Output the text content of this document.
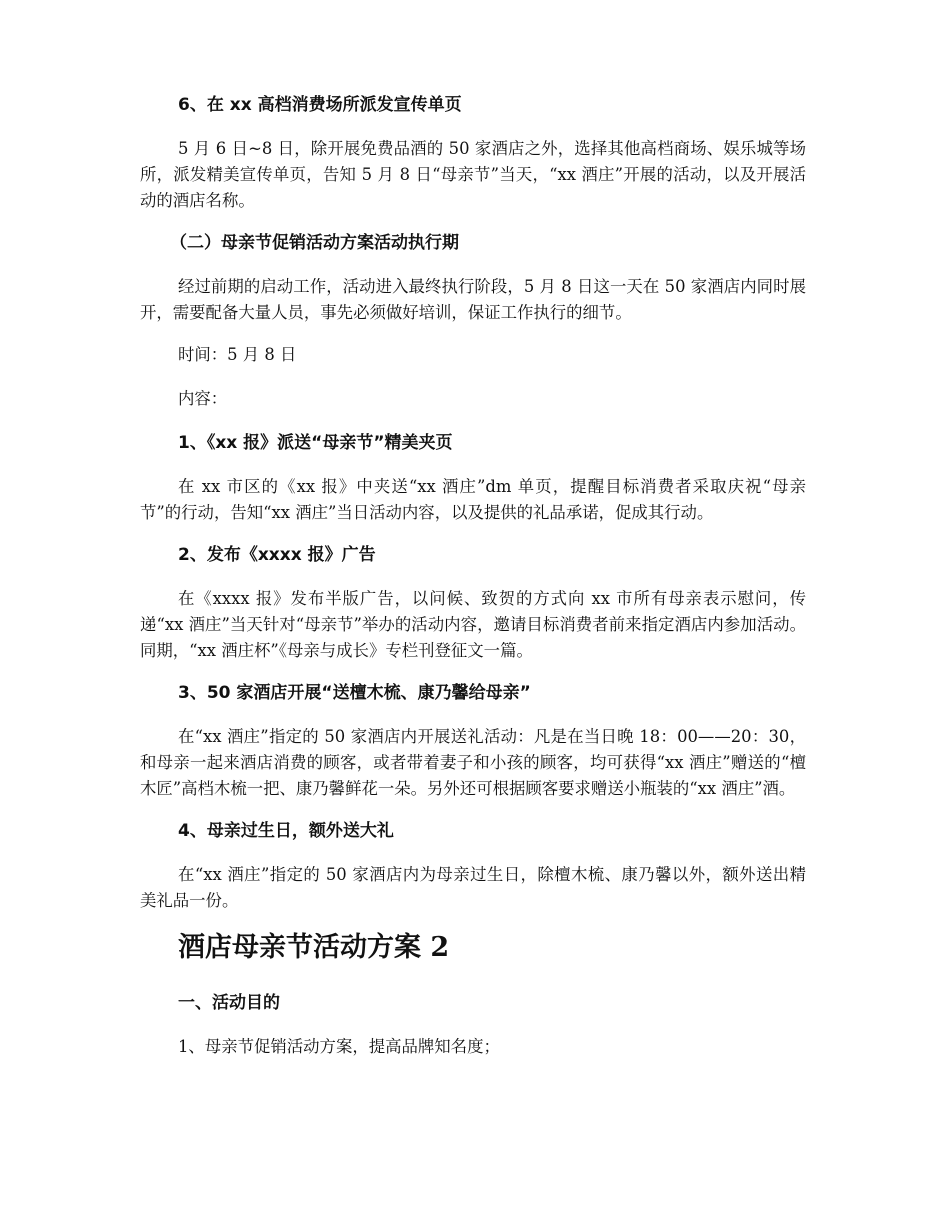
6、在 xx 高档消费场所派发宣传单页

5 月 6 日~8 日，除开展免费品酒的 50 家酒店之外，选择其他高档商场、娱乐城等场所，派发精美宣传单页，告知 5 月 8 日“母亲节”当天，“xx 酒庄”开展的活动，以及开展活动的酒店名称。

（二）母亲节促销活动方案活动执行期

经过前期的启动工作，活动进入最终执行阶段，5 月 8 日这一天在 50 家酒店内同时展开，需要配备大量人员，事先必须做好培训，保证工作执行的细节。

时间：5 月 8 日

内容：

1、《xx 报》派送“母亲节”精美夹页

在 xx 市区的《xx 报》中夹送“xx 酒庄”dm 单页，提醒目标消费者采取庆祝“母亲节”的行动，告知“xx 酒庄”当日活动内容，以及提供的礼品承诺，促成其行动。

2、发布《xxxx 报》广告

在《xxxx 报》发布半版广告，以问候、致贺的方式向 xx 市所有母亲表示慰问，传递“xx 酒庄”当天针对“母亲节”举办的活动内容，邀请目标消费者前来指定酒店内参加活动。同期，“xx 酒庄杯”《母亲与成长》专栏刊登征文一篇。

3、50 家酒店开展“送檀木梳、康乃馨给母亲”

在“xx 酒庄”指定的 50 家酒店内开展送礼活动：凡是在当日晚 18：00——20：30，和母亲一起来酒店消费的顾客，或者带着妻子和小孩的顾客，均可获得“xx 酒庄”赠送的“檀木匠”高档木梳一把、康乃馨鲜花一朵。另外还可根据顾客要求赠送小瓶装的“xx 酒庄”酒。

4、母亲过生日，额外送大礼

在“xx 酒庄”指定的 50 家酒店内为母亲过生日，除檀木梳、康乃馨以外，额外送出精美礼品一份。

酒店母亲节活动方案 2

一、活动目的

1、母亲节促销活动方案，提高品牌知名度；
